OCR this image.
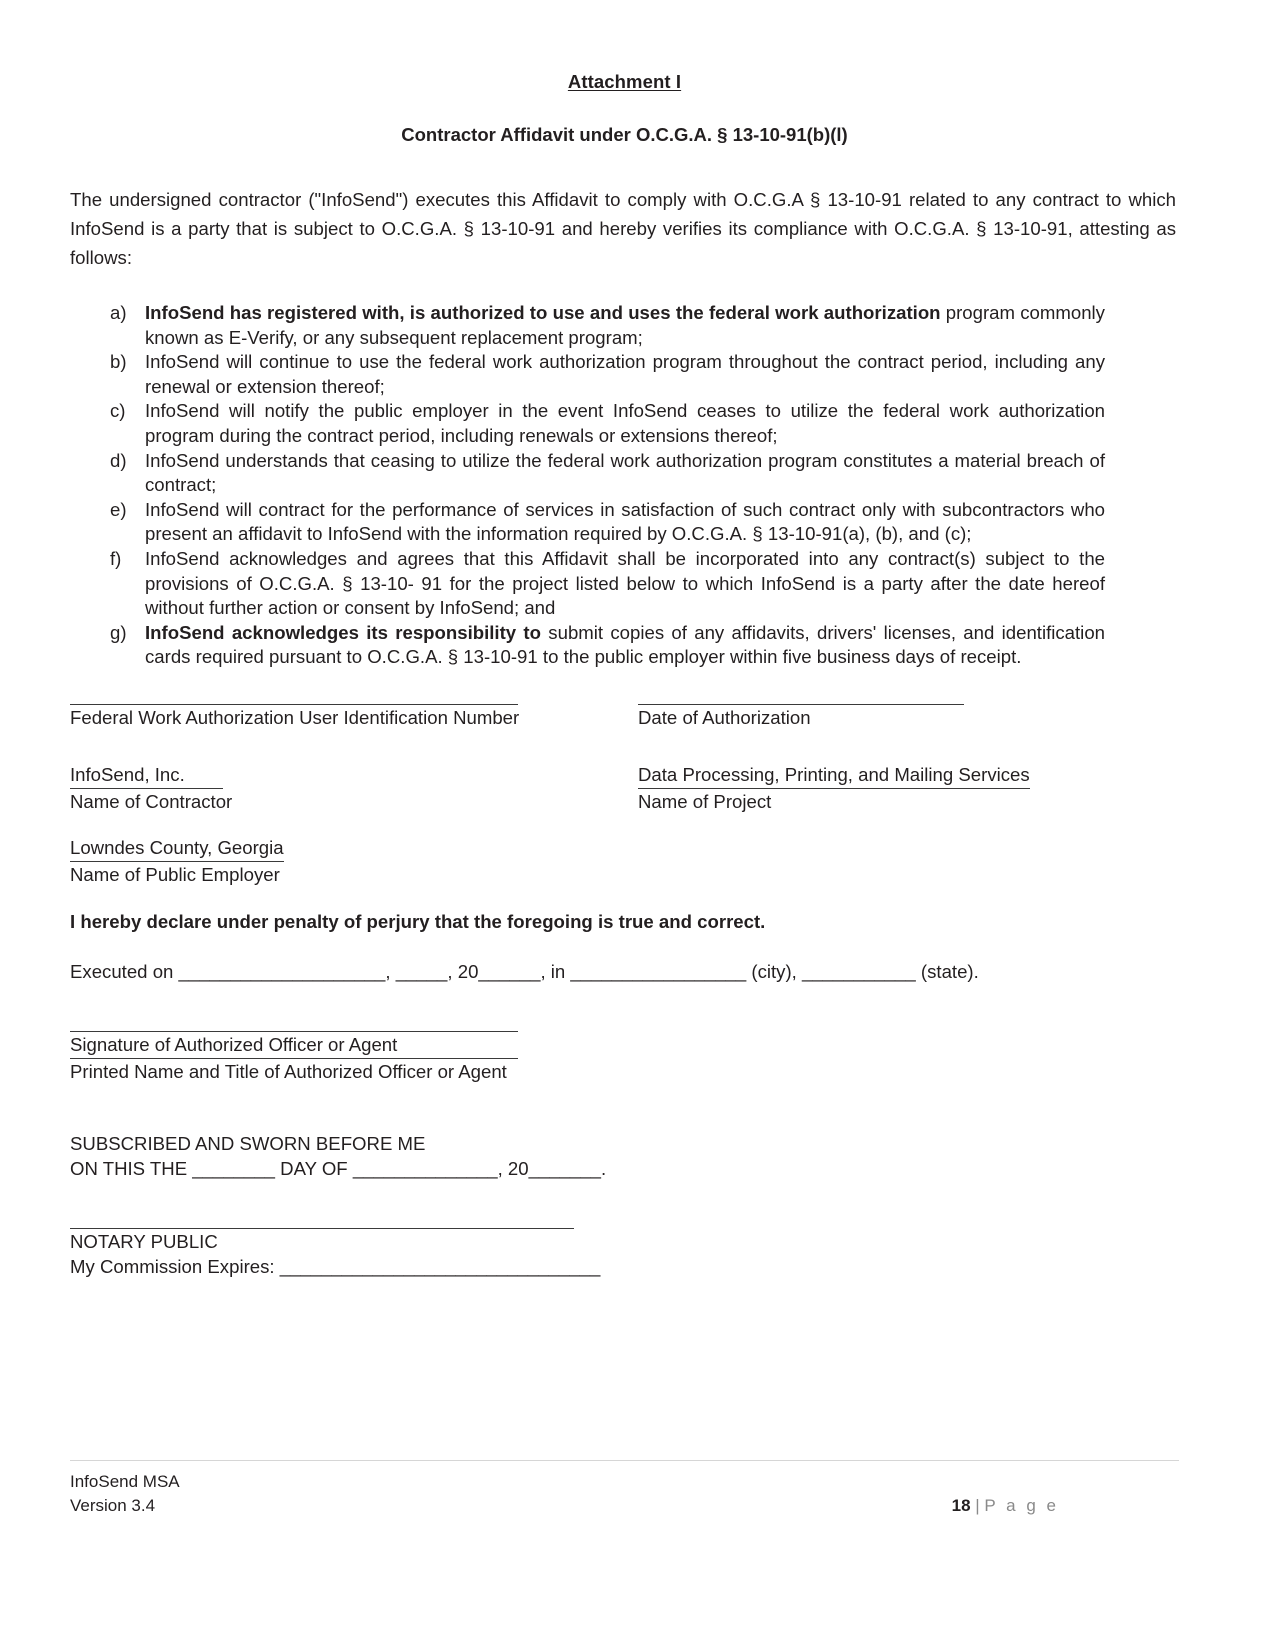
Attachment I
Contractor Affidavit under O.C.G.A. § 13-10-91(b)(l)

The undersigned contractor ("InfoSend") executes this Affidavit to comply with O.C.G.A § 13-10-91 related to any contract to which InfoSend is a party that is subject to O.C.G.A. § 13-10-91 and hereby verifies its compliance with O.C.G.A. § 13-10-91, attesting as follows:

a) InfoSend has registered with, is authorized to use and uses the federal work authorization program commonly known as E-Verify, or any subsequent replacement program;
b) InfoSend will continue to use the federal work authorization program throughout the contract period, including any renewal or extension thereof;
c)	InfoSend will notify the public employer in the event InfoSend ceases to utilize the federal work authorization program during the contract period, including renewals or extensions thereof;
d) InfoSend understands that ceasing to utilize the federal work authorization program constitutes a material breach of contract;
e) InfoSend will contract for the performance of services in satisfaction of such contract only with subcontractors who present an affidavit to InfoSend with the information required by O.C.G.A. § 13-10-91(a), (b), and (c);
f)	InfoSend acknowledges and agrees that this Affidavit shall be incorporated into any contract(s) subject to the provisions of O.C.G.A. § 13-10- 91 for the project listed below to which InfoSend is a party after the date hereof without further action or consent by InfoSend; and
g) InfoSend acknowledges its responsibility to submit copies of any affidavits, drivers' licenses, and identification cards required pursuant to O.C.G.A. § 13-10-91 to the public employer within five business days of receipt.
Federal Work Authorization User Identification Number	Date of Authorization
InfoSend, Inc.
Name of Contractor
Data Processing, Printing, and Mailing Services
Name of Project
Lowndes County, Georgia
Name of Public Employer
I hereby declare under penalty of perjury that the foregoing is true and correct.
Executed on ____________________, _____, 20______, in _________________ (city), ___________ (state).
Signature of Authorized Officer or Agent
Printed Name and Title of Authorized Officer or Agent
SUBSCRIBED AND SWORN BEFORE ME
ON THIS THE ________ DAY OF ______________, 20_______.
NOTARY PUBLIC
My Commission Expires: _______________________________
InfoSend MSA
Version 3.4	18 | P a g e
